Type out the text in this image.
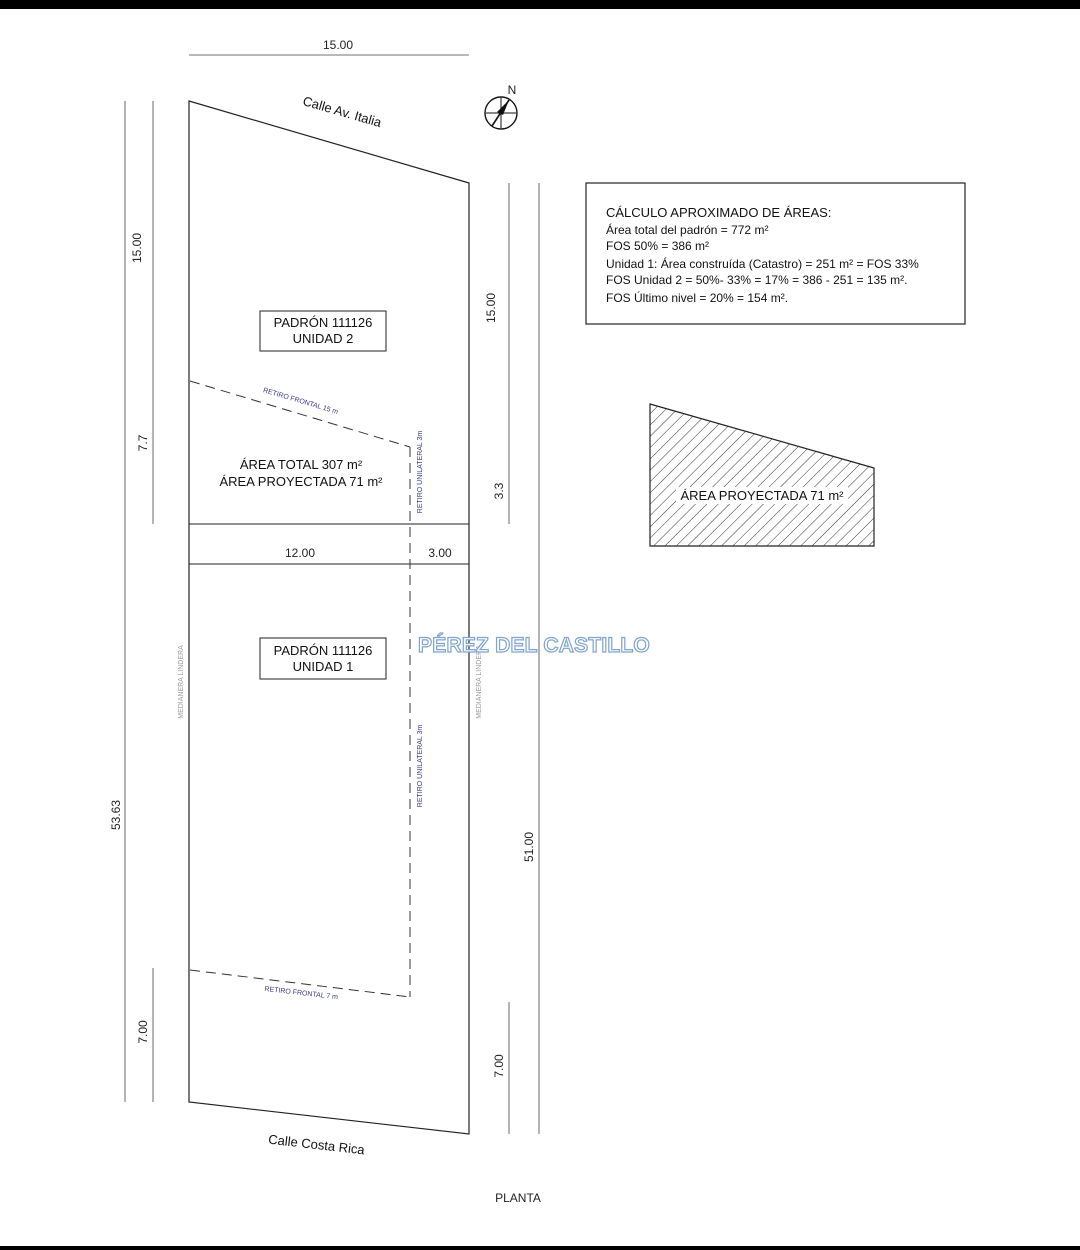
15.00
15.00
7.7
53.63
7.00
15.00
3.3
51.00
7.00
12.00	3.00
Calle Av. Italia
Calle Costa Rica
N
PADRÓN 111126
UNIDAD 2
ÁREA TOTAL 307 m²
ÁREA PROYECTADA 71 m²
PADRÓN 111126
UNIDAD 1
RETIRO FRONTAL 15 m
RETIRO FRONTAL 7 m
RETIRO UNILATERAL 3m
RETIRO UNILATERAL 3m
MEDIANERA LINDERA	MEDIANERA LINDERA
PÉREZ DEL CASTILLO
CÁLCULO APROXIMADO DE ÁREAS:
Área total del padrón = 772 m²
FOS 50% = 386 m²
Unidad 1: Área construída (Catastro) = 251 m² = FOS 33%
FOS Unidad 2 = 50%- 33% = 17% = 386 - 251 = 135 m².
FOS Último nivel = 20% = 154 m².
ÁREA PROYECTADA 71 m²
PLANTA
